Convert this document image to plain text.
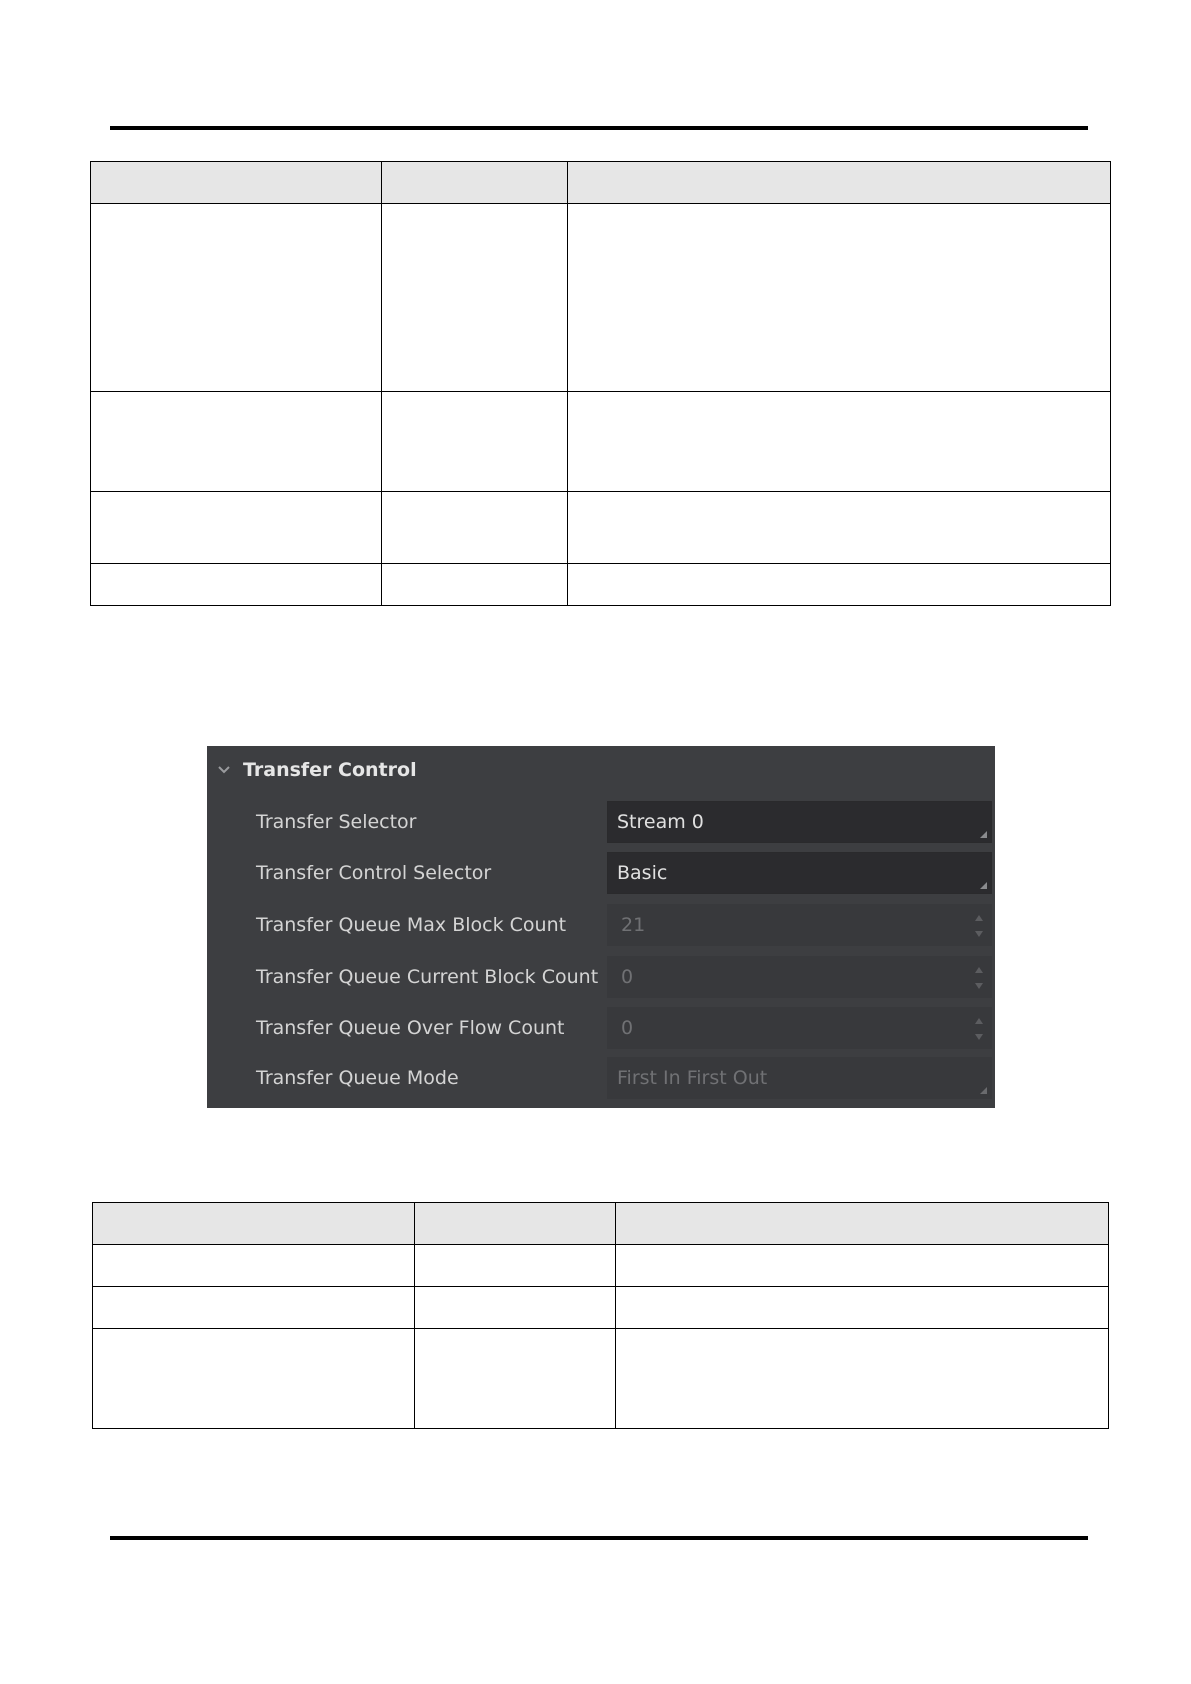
Transfer Control
Transfer Selector	Stream 0
Transfer Control Selector	Basic
Transfer Queue Max Block Count	21
Transfer Queue Current Block Count 0
Transfer Queue Over Flow Count	0
Transfer Queue Mode	First In First Out
